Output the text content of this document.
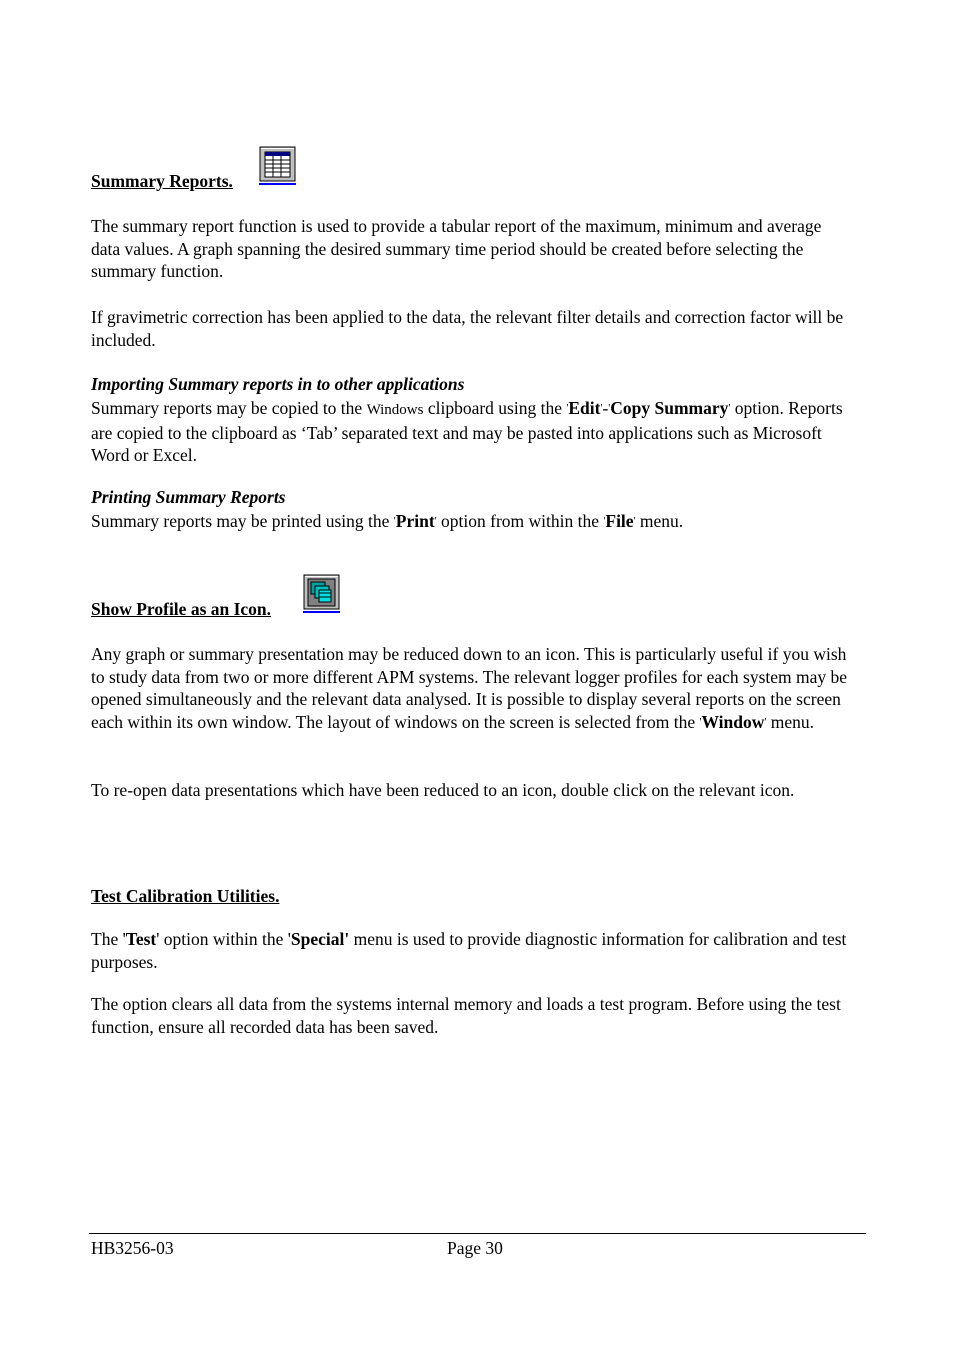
Summary Reports.

The summary report function is used to provide a tabular report of the maximum, minimum and average data values. A graph spanning the desired summary time period should be created before selecting the summary function.

If gravimetric correction has been applied to the data, the relevant filter details and correction factor will be included.

Importing Summary reports in to other applications

Summary reports may be copied to the Windows clipboard using the 'Edit'-'Copy Summary' option. Reports are copied to the clipboard as ‘Tab’ separated text and may be pasted into applications such as Microsoft Word or Excel.

Printing Summary Reports

Summary reports may be printed using the 'Print' option from within the 'File' menu.

Show Profile as an Icon.

Any graph or summary presentation may be reduced down to an icon. This is particularly useful if you wish to study data from two or more different APM systems. The relevant logger profiles for each system may be opened simultaneously and the relevant data analysed. It is possible to display several reports on the screen each within its own window. The layout of windows on the screen is selected from the 'Window' menu.

To re-open data presentations which have been reduced to an icon, double click on the relevant icon.

Test Calibration Utilities.

The 'Test' option within the 'Special' menu is used to provide diagnostic information for calibration and test purposes.

The option clears all data from the systems internal memory and loads a test program. Before using the test function, ensure all recorded data has been saved.

HB3256-03	Page 30
